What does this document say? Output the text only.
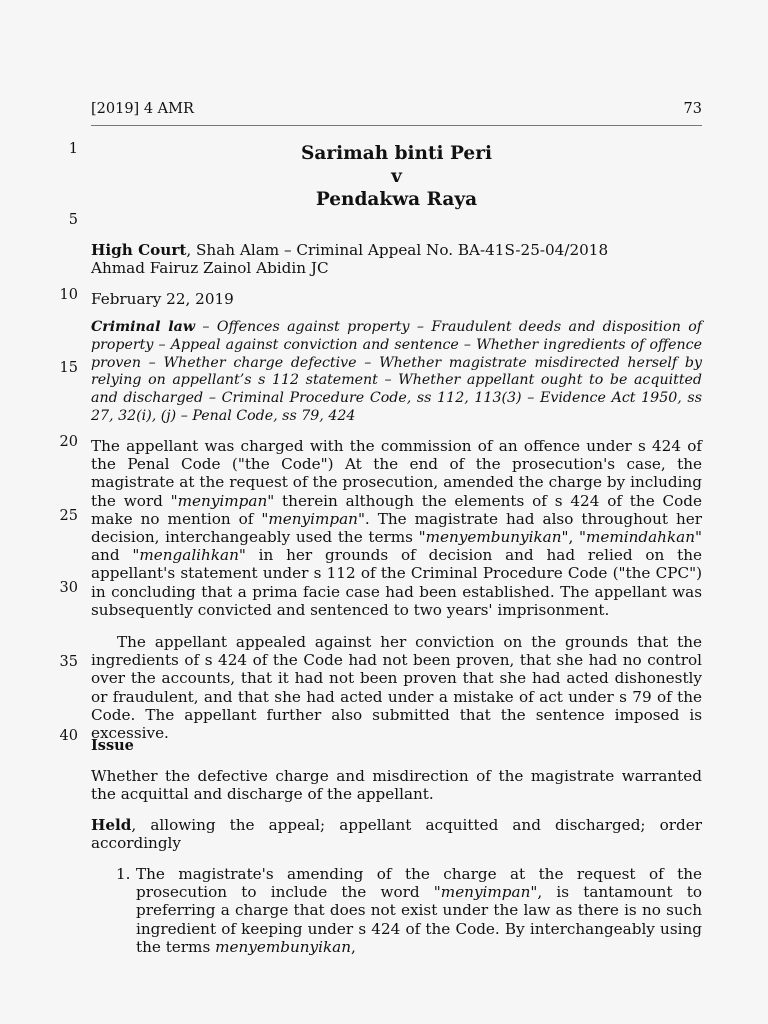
[2019] 4 AMR	73
1
5
10
15
20
25
30
35
40
Sarimah binti Peri
v
Pendakwa Raya
High Court, Shah Alam – Criminal Appeal No. BA-41S-25-04/2018
Ahmad Fairuz Zainol Abidin JC
February 22, 2019

Criminal law – Offences against property – Fraudulent deeds and disposition of property – Appeal against conviction and sentence – Whether ingredients of offence proven – Whether charge defective – Whether magistrate misdirected herself by relying on appellant’s s 112 statement – Whether appellant ought to be acquitted and discharged – Criminal Procedure Code, ss 112, 113(3) – Evidence Act 1950, ss 27, 32(i), (j) – Penal Code, ss 79, 424

The appellant was charged with the commission of an offence under s 424 of the Penal Code ("the Code") At the end of the prosecution's case, the magistrate at the request of the prosecution, amended the charge by including the word "menyimpan" therein although the elements of s 424 of the Code make no mention of "menyimpan". The magistrate had also throughout her decision, interchangeably used the terms "menyembunyikan", "memindahkan" and "mengalihkan" in her grounds of decision and had relied on the appellant's statement under s 112 of the Criminal Procedure Code ("the CPC") in concluding that a prima facie case had been established. The appellant was subsequently convicted and sentenced to two years' imprisonment.

The appellant appealed against her conviction on the grounds that the ingredients of s 424 of the Code had not been proven, that she had no control over the accounts, that it had not been proven that she had acted dishonestly or fraudulent, and that she had acted under a mistake of act under s 79 of the Code. The appellant further also submitted that the sentence imposed is excessive.

Issue

Whether the defective charge and misdirection of the magistrate warranted the acquittal and discharge of the appellant.

Held, allowing the appeal; appellant acquitted and discharged; order accordingly

1. The magistrate's amending of the charge at the request of the prosecution to include the word "menyimpan", is tantamount to preferring a charge that does not exist under the law as there is no such ingredient of keeping under s 424 of the Code. By interchangeably using the terms menyembunyikan,
